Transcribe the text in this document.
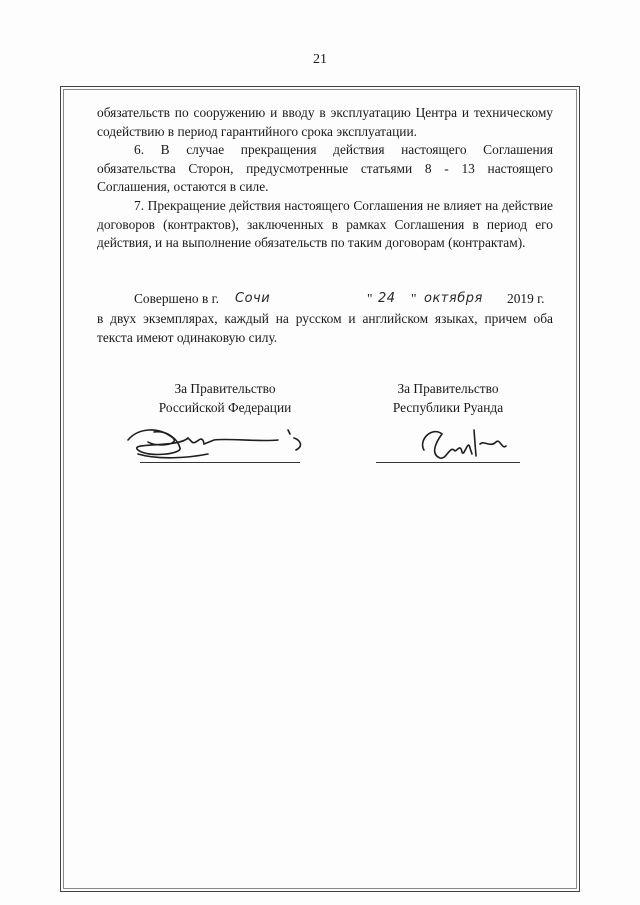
21

обязательств по сооружению и вводу в эксплуатацию Центра и техническому содействию в период гарантийного срока эксплуатации.

6. В случае прекращения действия настоящего Соглашения обязательства Сторон, предусмотренные статьями 8 - 13 настоящего Соглашения, остаются в силе.

7. Прекращение действия настоящего Соглашения не влияет на действие договоров (контрактов), заключенных в рамках Соглашения в период его действия, и на выполнение обязательств по таким договорам (контрактам).

Совершено в г. Сочи	" 24 " октября 2019 г.

в двух экземплярах, каждый на русском и английском языках, причем оба текста имеют одинаковую силу.

За Правительство
Российской Федерации
За Правительство
Республики Руанда
